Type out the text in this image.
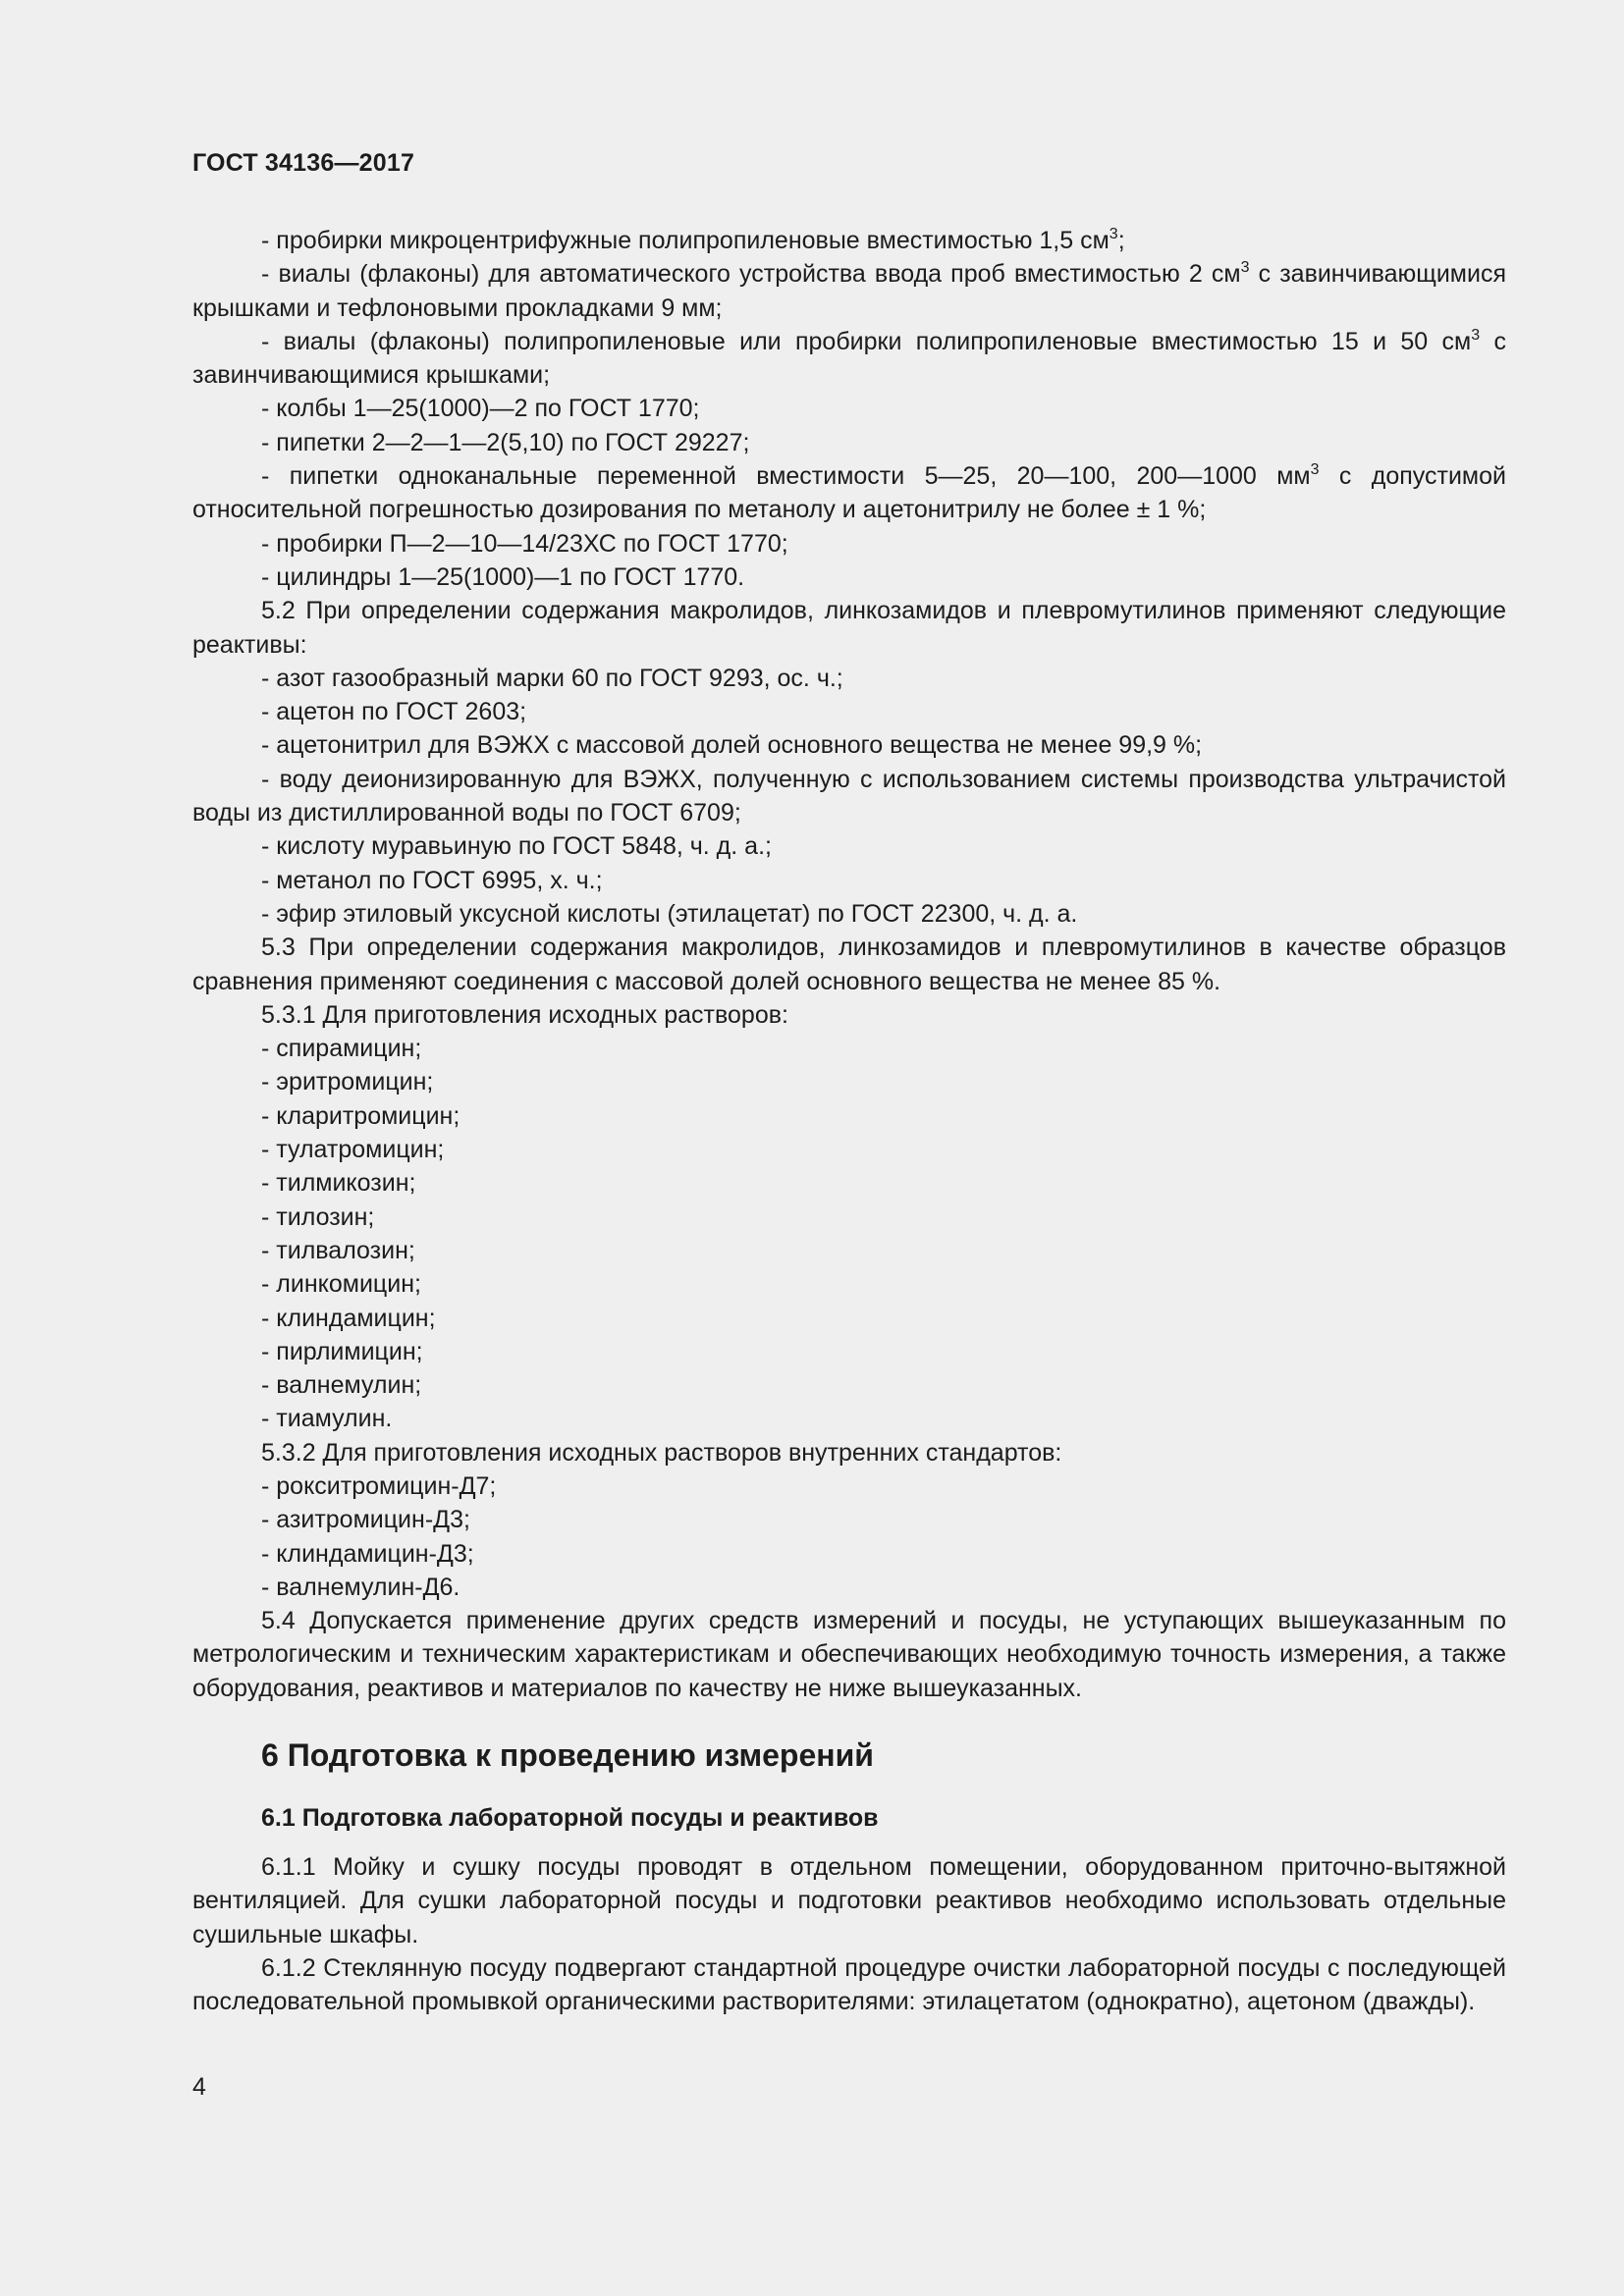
ГОСТ 34136—2017

- пробирки микроцентрифужные полипропиленовые вместимостью 1,5 $см^3$;

- виалы (флаконы) для автоматического устройства ввода проб вместимостью 2 $см^3$ с завинчивающимися крышками и тефлоновыми прокладками 9 мм;

- виалы (флаконы) полипропиленовые или пробирки полипропиленовые вместимостью 15 и 50 $см^3$ с завинчивающимися крышками;

- колбы 1—25(1000)—2 по ГОСТ 1770;

- пипетки 2—2—1—2(5,10) по ГОСТ 29227;

- пипетки одноканальные переменной вместимости 5—25, 20—100, 200—1000 $мм^3$ с допустимой относительной погрешностью дозирования по метанолу и ацетонитрилу не более ± 1 %;

- пробирки П—2—10—14/23ХС по ГОСТ 1770;

- цилиндры 1—25(1000)—1 по ГОСТ 1770.

5.2 При определении содержания макролидов, линкозамидов и плевромутилинов применяют следующие реактивы:

- азот газообразный марки 60 по ГОСТ 9293, ос. ч.;

- ацетон по ГОСТ 2603;

- ацетонитрил для ВЭЖХ с массовой долей основного вещества не менее 99,9 %;

- воду деионизированную для ВЭЖХ, полученную с использованием системы производства ультрачистой воды из дистиллированной воды по ГОСТ 6709;

- кислоту муравьиную по ГОСТ 5848, ч. д. а.;

- метанол по ГОСТ 6995, х. ч.;

- эфир этиловый уксусной кислоты (этилацетат) по ГОСТ 22300, ч. д. а.

5.3 При определении содержания макролидов, линкозамидов и плевромутилинов в качестве образцов сравнения применяют соединения с массовой долей основного вещества не менее 85 %.

5.3.1 Для приготовления исходных растворов:

- спирамицин;

- эритромицин;

- кларитромицин;

- тулатромицин;

- тилмикозин;

- тилозин;

- тилвалозин;

- линкомицин;

- клиндамицин;

- пирлимицин;

- валнемулин;

- тиамулин.

5.3.2 Для приготовления исходных растворов внутренних стандартов:

- рокситромицин-Д7;

- азитромицин-Д3;

- клиндамицин-Д3;

- валнемулин-Д6.

5.4 Допускается применение других средств измерений и посуды, не уступающих вышеуказанным по метрологическим и техническим характеристикам и обеспечивающих необходимую точность измерения, а также оборудования, реактивов и материалов по качеству не ниже вышеуказанных.

6 Подготовка к проведению измерений
6.1 Подготовка лабораторной посуды и реактивов

6.1.1 Мойку и сушку посуды проводят в отдельном помещении, оборудованном приточно-вытяжной вентиляцией. Для сушки лабораторной посуды и подготовки реактивов необходимо использовать отдельные сушильные шкафы.

6.1.2 Стеклянную посуду подвергают стандартной процедуре очистки лабораторной посуды с последующей последовательной промывкой органическими растворителями: этилацетатом (однократно), ацетоном (дважды).

4
